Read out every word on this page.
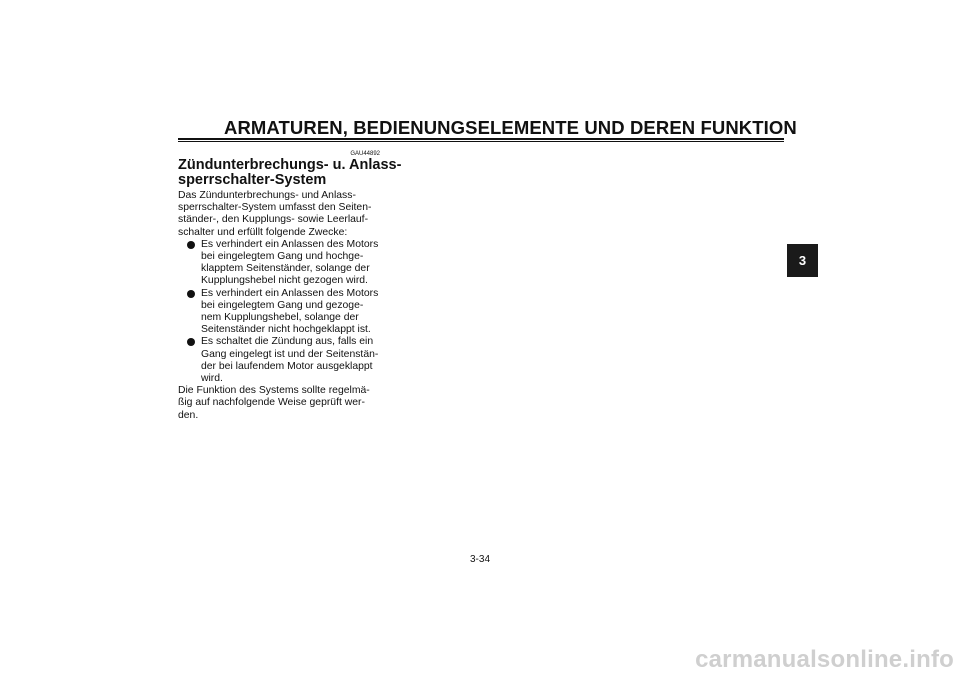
ARMATUREN, BEDIENUNGSELEMENTE UND DEREN FUNKTION
3
GAU44892
Zündunterbrechungs- u. Anlass-
sperrschalter-System
Das Zündunterbrechungs- und Anlass-
sperrschalter-System umfasst den Seiten-
ständer-, den Kupplungs- sowie Leerlauf-
schalter und erfüllt folgende Zwecke:
Es verhindert ein Anlassen des Motors
bei eingelegtem Gang und hochge-
klapptem Seitenständer, solange der
Kupplungshebel nicht gezogen wird.
Es verhindert ein Anlassen des Motors
bei eingelegtem Gang und gezoge-
nem Kupplungshebel, solange der
Seitenständer nicht hochgeklappt ist.
Es schaltet die Zündung aus, falls ein
Gang eingelegt ist und der Seitenstän-
der bei laufendem Motor ausgeklappt
wird.
Die Funktion des Systems sollte regelmä-
ßig auf nachfolgende Weise geprüft wer-
den.
3-34
carmanualsonline.info
